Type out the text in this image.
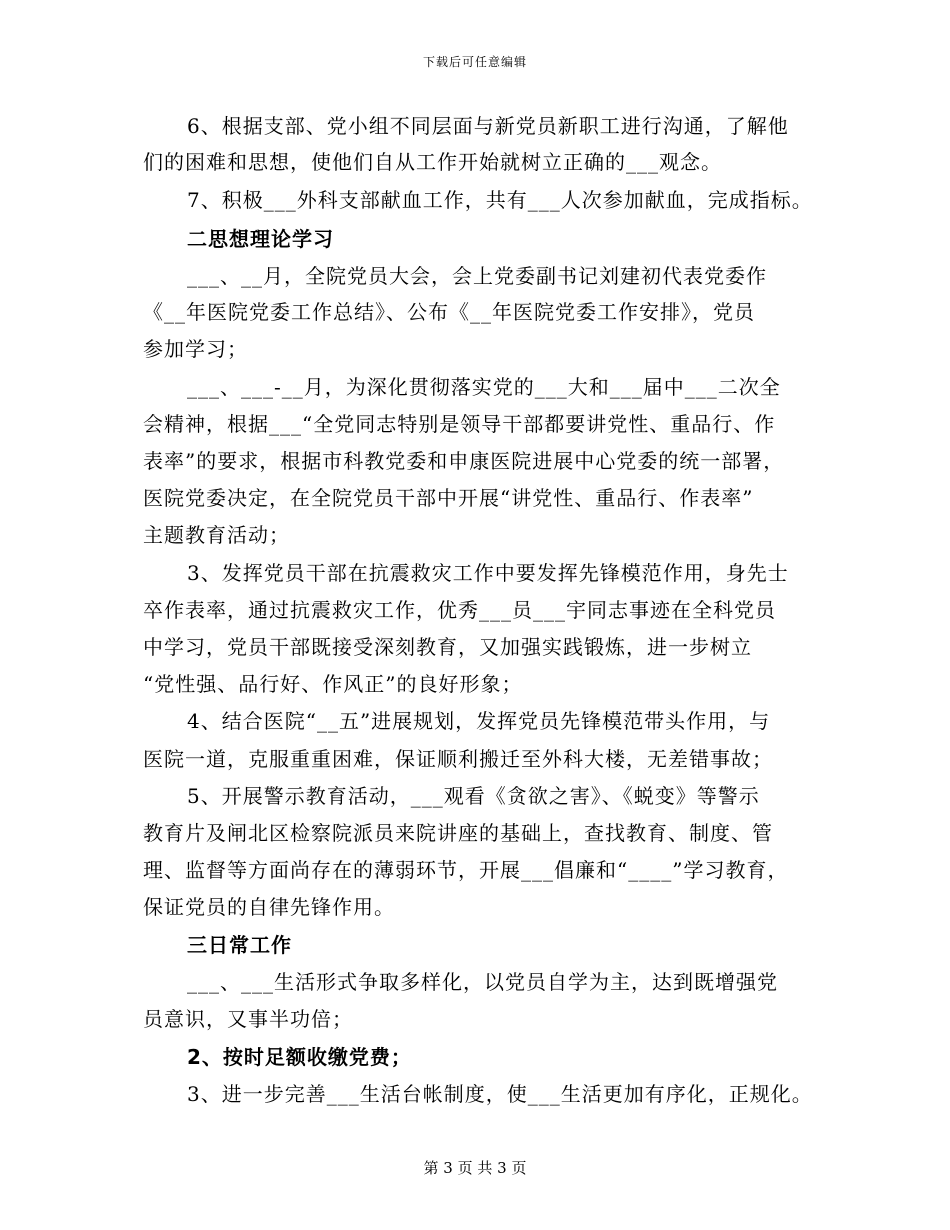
下载后可任意编辑
6、根据支部、党小组不同层面与新党员新职工进行沟通，了解他
们的困难和思想，使他们自从工作开始就树立正确的___观念。
7、积极___外科支部献血工作，共有___人次参加献血，完成指标。
二思想理论学习
___、__月，全院党员大会，会上党委副书记刘建初代表党委作
《__年医院党委工作总结》、公布《__年医院党委工作安排》，党员
参加学习；
___、___-__月，为深化贯彻落实党的___大和___届中___二次全
会精神，根据___“全党同志特别是领导干部都要讲党性、重品行、作
表率”的要求，根据市科教党委和申康医院进展中心党委的统一部署，
医院党委决定，在全院党员干部中开展“讲党性、重品行、作表率”
主题教育活动；
3、发挥党员干部在抗震救灾工作中要发挥先锋模范作用，身先士
卒作表率，通过抗震救灾工作，优秀___员___宇同志事迹在全科党员
中学习，党员干部既接受深刻教育，又加强实践锻炼，进一步树立
“党性强、品行好、作风正”的良好形象；
4、结合医院“__五”进展规划，发挥党员先锋模范带头作用，与
医院一道，克服重重困难，保证顺利搬迁至外科大楼，无差错事故；
5、开展警示教育活动，___观看《贪欲之害》、《蜕变》等警示
教育片及闸北区检察院派员来院讲座的基础上，查找教育、制度、管
理、监督等方面尚存在的薄弱环节，开展___倡廉和“____”学习教育，
保证党员的自律先锋作用。
三日常工作
___、___生活形式争取多样化，以党员自学为主，达到既增强党
员意识，又事半功倍；
2、按时足额收缴党费；
3、进一步完善___生活台帐制度，使___生活更加有序化，正规化。
第 3 页 共 3 页
